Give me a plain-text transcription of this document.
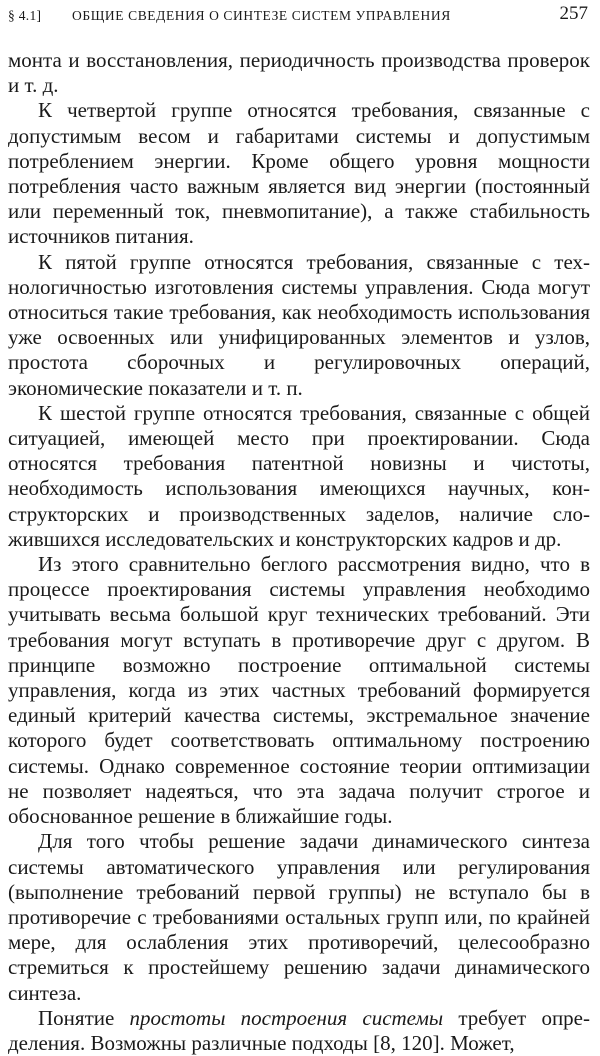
§ 4.1] ОБЩИЕ СВЕДЕНИЯ О СИНТЕЗЕ СИСТЕМ УПРАВЛЕНИЯ	257

монта и восстановления, периодичность производства проверок и т. д.

К четвертой группе относятся требования, связанные с допустимым весом и габаритами системы и допустимым потреблением энергии. Кроме общего уровня мощности потребления часто важным является вид энергии (постоянный или переменный ток, пневмопитание), а также стабильность источников питания.

К пятой группе относятся требования, связанные с технологичностью изготовления системы управления. Сюда могут относиться такие требования, как необходимость использования уже освоенных или унифицированных элементов и узлов, простота сборочных и регулировочных операций, экономические показатели и т. п.

К шестой группе относятся требования, связанные с общей ситуацией, имеющей место при проектировании. Сюда относятся требования патентной новизны и чистоты, необходимость использования имеющихся научных, конструкторских и производственных заделов, наличие сложившихся исследовательских и конструкторских кадров и др.

Из этого сравнительно беглого рассмотрения видно, что в процессе проектирования системы управления необходимо учитывать весьма большой круг технических требований. Эти требования могут вступать в противоречие друг с другом. В принципе возможно построение оптимальной системы управления, когда из этих частных требований формируется единый критерий качества системы, экстремальное значение которого будет соответствовать оптимальному построению системы. Однако современное состояние теории оптимизации не позволяет надеяться, что эта задача получит строгое и обоснованное решение в ближайшие годы.

Для того чтобы решение задачи динамического синтеза системы автоматического управления или регулирования (выполнение требований первой группы) не вступало бы в противоречие с требованиями остальных групп или, по крайней мере, для ослабления этих противоречий, целесообразно стремиться к простейшему решению задачи динамического синтеза.

Понятие простоты построения системы требует определения. Возможны различные подходы [8, 120]. Может,
